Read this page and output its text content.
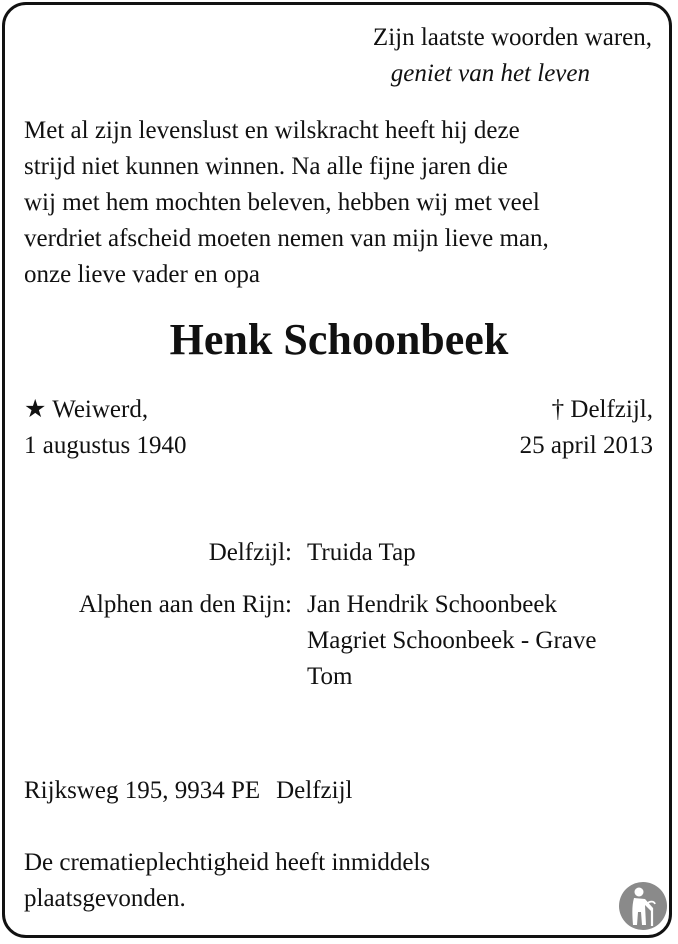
Zijn laatste woorden waren,
geniet van het leven
Met al zijn levenslust en wilskracht heeft hij deze
strijd niet kunnen winnen. Na alle fijne jaren die
wij met hem mochten beleven, hebben wij met veel
verdriet afscheid moeten nemen van mijn lieve man,
onze lieve vader en opa
Henk Schoonbeek
★ Weiwerd,
1 augustus 1940
† Delfzijl,
25 april 2013
Delfzijl: Truida Tap
Alphen aan den Rijn: Jan Hendrik Schoonbeek
Magriet Schoonbeek - Grave
Tom
Rijksweg 195, 9934 PE Delfzijl
De crematieplechtigheid heeft inmiddels
plaatsgevonden.
